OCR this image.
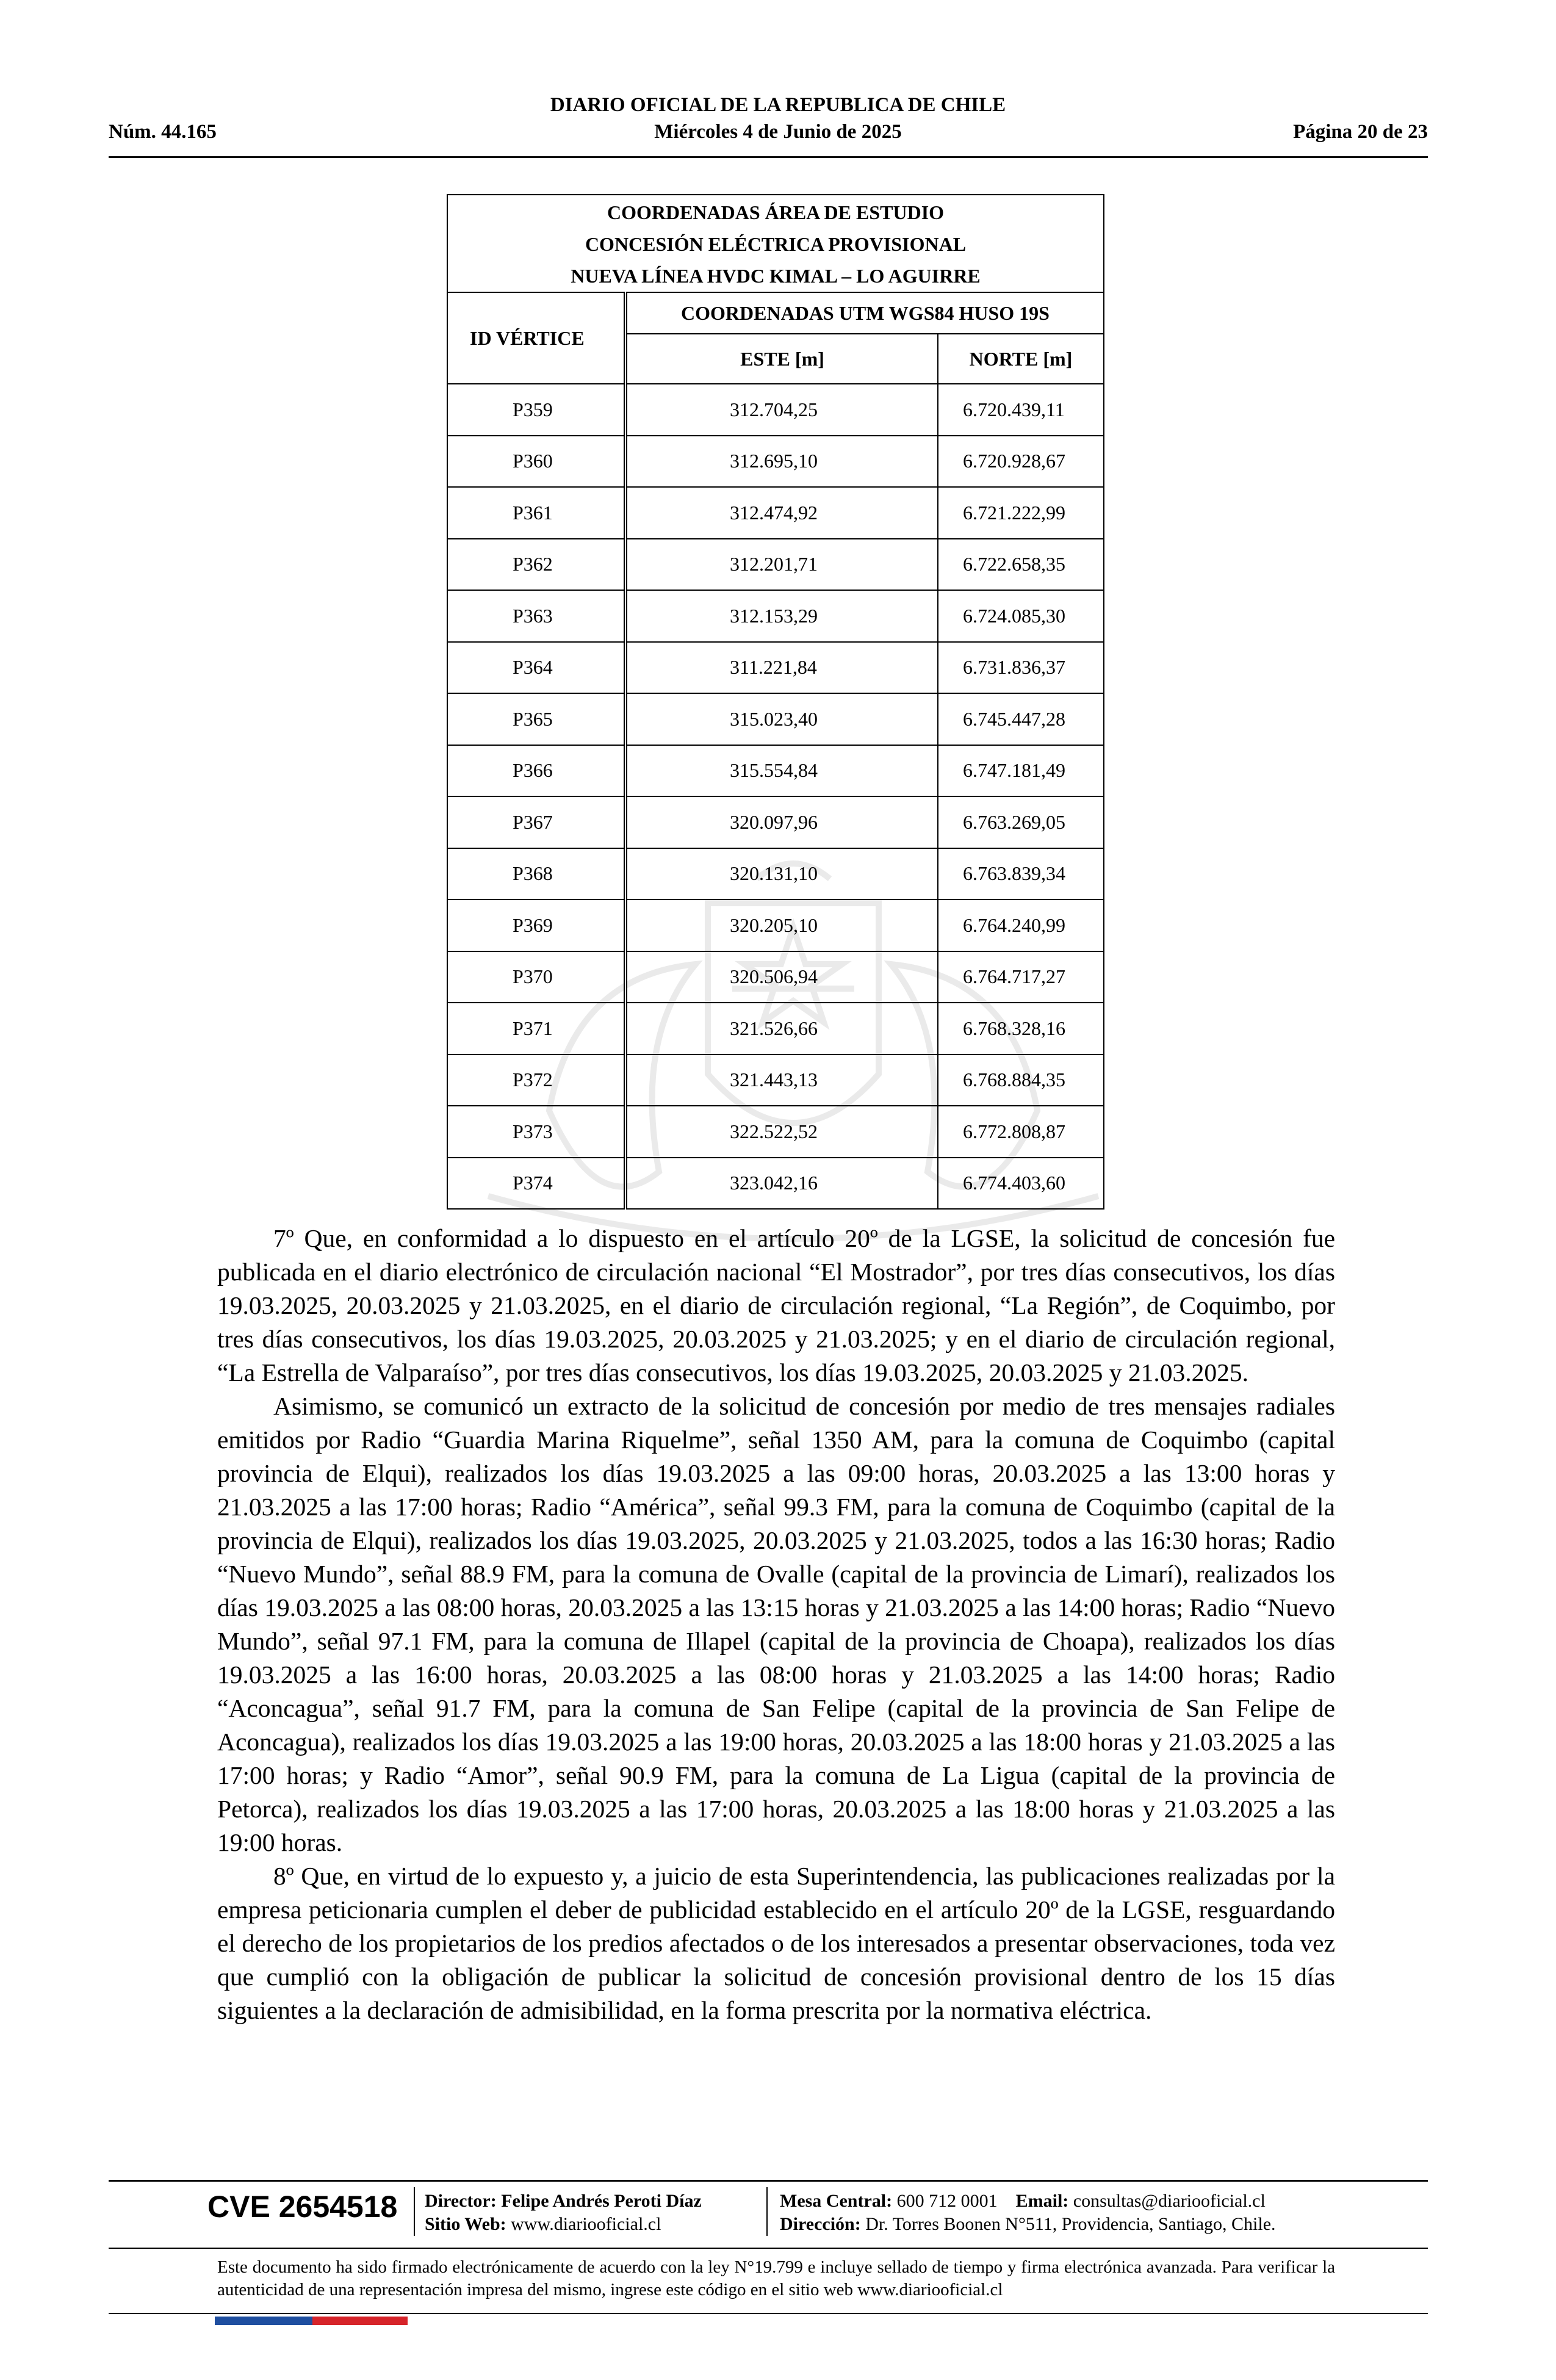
DIARIO OFICIAL DE LA REPUBLICA DE CHILE
Miércoles 4 de Junio de 2025
Núm. 44.165	Página 20 de 23
COORDENADAS ÁREA DE ESTUDIO
CONCESIÓN ELÉCTRICA PROVISIONAL
NUEVA LÍNEA HVDC KIMAL – LO AGUIRRE		

ID VÉRTICE	COORDENADAS UTM WGS84 HUSO 19S	
	ESTE [m]	NORTE [m]
P359	312.704,25	6.720.439,11
P360	312.695,10	6.720.928,67
P361	312.474,92	6.721.222,99
P362	312.201,71	6.722.658,35
P363	312.153,29	6.724.085,30
P364	311.221,84	6.731.836,37
P365	315.023,40	6.745.447,28
P366	315.554,84	6.747.181,49
P367	320.097,96	6.763.269,05
P368	320.131,10	6.763.839,34
P369	320.205,10	6.764.240,99
P370	320.506,94	6.764.717,27
P371	321.526,66	6.768.328,16
P372	321.443,13	6.768.884,35
P373	322.522,52	6.772.808,87
P374	323.042,16	6.774.403,60

7º Que, en conformidad a lo dispuesto en el artículo 20º de la LGSE, la solicitud de concesión fue publicada en el diario electrónico de circulación nacional “El Mostrador”, por tres días consecutivos, los días 19.03.2025, 20.03.2025 y 21.03.2025, en el diario de circulación regional, “La Región”, de Coquimbo, por tres días consecutivos, los días 19.03.2025, 20.03.2025 y 21.03.2025; y en el diario de circulación regional, “La Estrella de Valparaíso”, por tres días consecutivos, los días 19.03.2025, 20.03.2025 y 21.03.2025.

Asimismo, se comunicó un extracto de la solicitud de concesión por medio de tres mensajes radiales emitidos por Radio “Guardia Marina Riquelme”, señal 1350 AM, para la comuna de Coquimbo (capital provincia de Elqui), realizados los días 19.03.2025 a las 09:00 horas, 20.03.2025 a las 13:00 horas y 21.03.2025 a las 17:00 horas; Radio “América”, señal 99.3 FM, para la comuna de Coquimbo (capital de la provincia de Elqui), realizados los días 19.03.2025, 20.03.2025 y 21.03.2025, todos a las 16:30 horas; Radio “Nuevo Mundo”, señal 88.9 FM, para la comuna de Ovalle (capital de la provincia de Limarí), realizados los días 19.03.2025 a las 08:00 horas, 20.03.2025 a las 13:15 horas y 21.03.2025 a las 14:00 horas; Radio “Nuevo Mundo”, señal 97.1 FM, para la comuna de Illapel (capital de la provincia de Choapa), realizados los días 19.03.2025 a las 16:00 horas, 20.03.2025 a las 08:00 horas y 21.03.2025 a las 14:00 horas; Radio “Aconcagua”, señal 91.7 FM, para la comuna de San Felipe (capital de la provincia de San Felipe de Aconcagua), realizados los días 19.03.2025 a las 19:00 horas, 20.03.2025 a las 18:00 horas y 21.03.2025 a las 17:00 horas; y Radio “Amor”, señal 90.9 FM, para la comuna de La Ligua (capital de la provincia de Petorca), realizados los días 19.03.2025 a las 17:00 horas, 20.03.2025 a las 18:00 horas y 21.03.2025 a las 19:00 horas.

8º Que, en virtud de lo expuesto y, a juicio de esta Superintendencia, las publicaciones realizadas por la empresa peticionaria cumplen el deber de publicidad establecido en el artículo 20º de la LGSE, resguardando el derecho de los propietarios de los predios afectados o de los interesados a presentar observaciones, toda vez que cumplió con la obligación de publicar la solicitud de concesión provisional dentro de los 15 días siguientes a la declaración de admisibilidad, en la forma prescrita por la normativa eléctrica.

CVE 2654518 Director: Felipe Andrés Peroti Díaz
Sitio Web: www.diariooficial.cl
Mesa Central: 600 712 0001 Email: consultas@diariooficial.cl
Dirección: Dr. Torres Boonen N°511, Providencia, Santiago, Chile.
Este documento ha sido firmado electrónicamente de acuerdo con la ley N°19.799 e incluye sellado de tiempo y firma electrónica avanzada. Para verificar la autenticidad de una representación impresa del mismo, ingrese este código en el sitio web www.diariooficial.cl
